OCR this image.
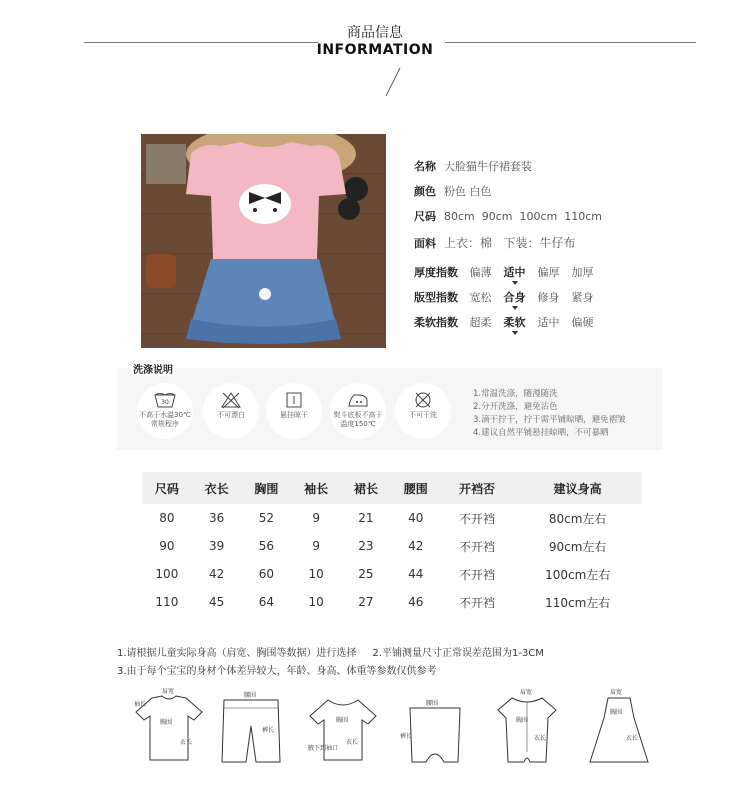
商品信息
INFORMATION
名称 大脸猫牛仔裙套装
颜色 粉色 白色
尺码 80cm  90cm  100cm  110cm
面料 上衣：棉   下装：牛仔布
厚度指数 偏薄 适中 偏厚 加厚
版型指数 宽松 合身 修身 紧身
柔软指数 超柔 柔软 适中 偏硬
洗涤说明
30
不高于水温30℃
常规程序
不可漂白	悬挂晾干	熨斗底板不高于
温度150℃
不可干洗
1.常温洗涤，随漫随洗
2.分开洗涤，避免沾色
3.滴干拧干，拧干需平铺晾晒，避免褶皱
4.建议自然平铺悬挂晾晒，不可暴晒
尺码	衣长	胸围	袖长	裙长	腰围	开裆否	建议身高
80	36	52	9	21	40	不开裆	80cm左右
90	39	56	9	23	42	不开裆	90cm左右
100	42	60	10	25	44	不开裆	100cm左右
110	45	64	10	27	46	不开裆	110cm左右
1.请根据儿童实际身高（肩宽、胸围等数据）进行选择     2.平铺测量尺寸正常误差范围为1-3CM
3.由于每个宝宝的身材个体差异较大，年龄、身高、体重等参数仅供参考
肩宽
袖长
胸围
衣长
腰围
裤长
胸围
腋下到袖口
衣长
腰围
裤长
肩宽
胸围
衣长
肩宽
胸围
衣长
